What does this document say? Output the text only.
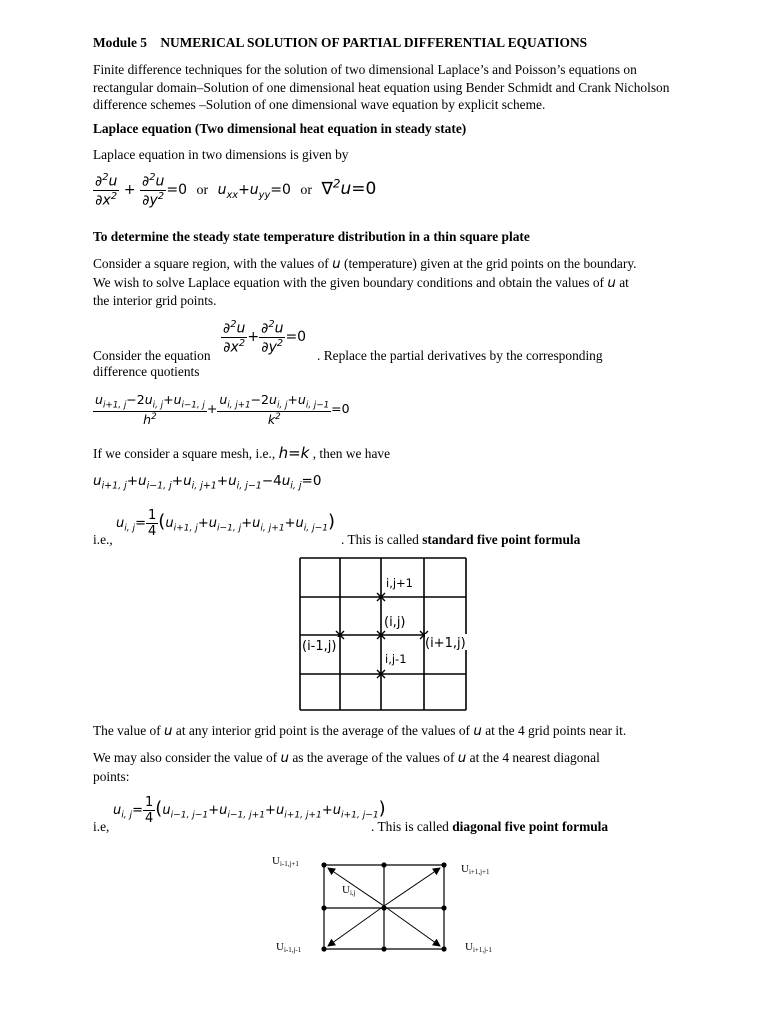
Module 5    NUMERICAL SOLUTION OF PARTIAL DIFFERENTIAL EQUATIONS
Finite difference techniques for the solution of two dimensional Laplace’s and Poisson’s equations on rectangular domain–Solution of one dimensional heat equation using Bender Schmidt and Crank Nicholson difference schemes –Solution of one dimensional wave equation by explicit scheme.
Laplace equation (Two dimensional heat equation in steady state)
Laplace equation in two dimensions is given by
$\frac{\partial^2u}{\partial x^2} + \frac{\partial^2u}{\partial y^2} =0$ or $u_{xx}+u_{yy}=0$ or ∇$^2$u=0
To determine the steady state temperature distribution in a thin square plate
Consider a square region, with the values of u (temperature) given at the grid points on the boundary.
We wish to solve Laplace equation with the given boundary conditions and obtain the values of u at
the interior grid points.
$\frac{\partial^2u}{\partial x^2} + \frac{\partial^2u}{\partial y^2} =0$
Consider the equation	. Replace the partial derivatives by the corresponding
difference quotients
$\frac{u_{i+1, j}-2u_{i, j}+u_{i-1, j}}{h^2} + \frac{u_{i, j+1}-2u_{i, j}+u_{i, j-1}}{k^2} =0$
If we consider a square mesh, i.e., h=k , then we have
$u_{i+1, j}+u_{i-1, j}+u_{i, j+1}+u_{i, j-1}-4u_{i, j}=0$
$u_{i, j}= \frac{1}{4} (u_{i+1, j}+u_{i-1, j}+u_{i, j+1}+u_{i, j-1})$
i.e.,	. This is called standard five point formula
i,j+1
(i,j)
(i-1,j)	(i+1,j)
i,j-1
The value of u at any interior grid point is the average of the values of u at the 4 grid points near it.
We may also consider the value of u as the average of the values of u at the 4 nearest diagonal
points:
$u_{i, j}= \frac{1}{4} (u_{i-1, j-1}+u_{i-1, j+1}+u_{i+1, j+1}+u_{i+1, j-1})$
i.e,	. This is called diagonal five point formula
Ui-1,j+1	Ui+1,j+1
Ui,j
Ui-1,j-1	Ui+1,j-1
